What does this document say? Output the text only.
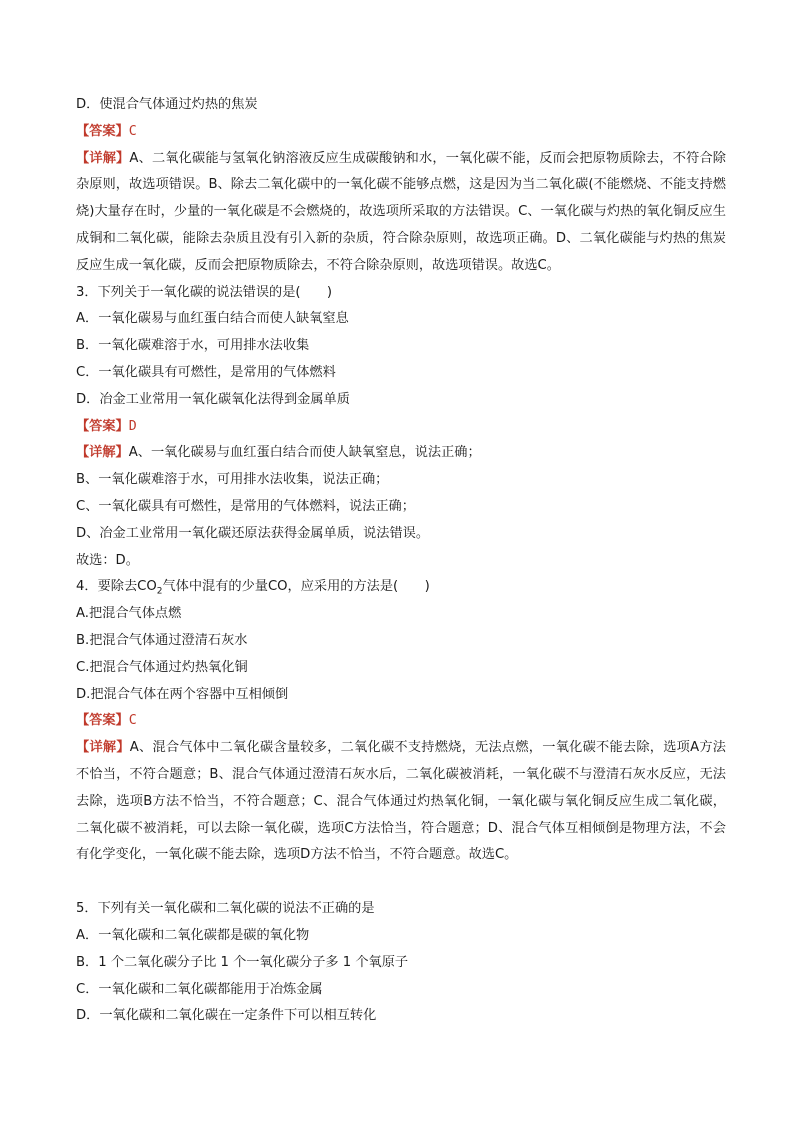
D．使混合气体通过灼热的焦炭
【答案】C
【详解】A、二氧化碳能与氢氧化钠溶液反应生成碳酸钠和水，一氧化碳不能，反而会把原物质除去，不符合除杂原则，故选项错误。B、除去二氧化碳中的一氧化碳不能够点燃，这是因为当二氧化碳(不能燃烧、不能支持燃烧)大量存在时，少量的一氧化碳是不会燃烧的，故选项所采取的方法错误。C、一氧化碳与灼热的氧化铜反应生成铜和二氧化碳，能除去杂质且没有引入新的杂质，符合除杂原则，故选项正确。D、二氧化碳能与灼热的焦炭反应生成一氧化碳，反而会把原物质除去，不符合除杂原则，故选项错误。故选C。
3．下列关于一氧化碳的说法错误的是(　　)
A．一氧化碳易与血红蛋白结合而使人缺氧窒息
B．一氧化碳难溶于水，可用排水法收集
C．一氧化碳具有可燃性，是常用的气体燃料
D．冶金工业常用一氧化碳氧化法得到金属单质
【答案】D
【详解】A、一氧化碳易与血红蛋白结合而使人缺氧窒息，说法正确；
B、一氧化碳难溶于水，可用排水法收集，说法正确；
C、一氧化碳具有可燃性，是常用的气体燃料，说法正确；
D、冶金工业常用一氧化碳还原法获得金属单质，说法错误。
故选：D。
4．要除去$CO_2$气体中混有的少量CO，应采用的方法是(　　)
A.把混合气体点燃
B.把混合气体通过澄清石灰水
C.把混合气体通过灼热氧化铜
D.把混合气体在两个容器中互相倾倒
【答案】C
【详解】A、混合气体中二氧化碳含量较多，二氧化碳不支持燃烧，无法点燃，一氧化碳不能去除，选项A方法不恰当，不符合题意；B、混合气体通过澄清石灰水后，二氧化碳被消耗，一氧化碳不与澄清石灰水反应，无法去除，选项B方法不恰当，不符合题意；C、混合气体通过灼热氧化铜，一氧化碳与氧化铜反应生成二氧化碳，二氧化碳不被消耗，可以去除一氧化碳，选项C方法恰当，符合题意；D、混合气体互相倾倒是物理方法，不会有化学变化，一氧化碳不能去除，选项D方法不恰当，不符合题意。故选C。
5．下列有关一氧化碳和二氧化碳的说法不正确的是
A．一氧化碳和二氧化碳都是碳的氧化物
B．1 个二氧化碳分子比 1 个一氧化碳分子多 1 个氧原子
C．一氧化碳和二氧化碳都能用于冶炼金属
D．一氧化碳和二氧化碳在一定条件下可以相互转化
